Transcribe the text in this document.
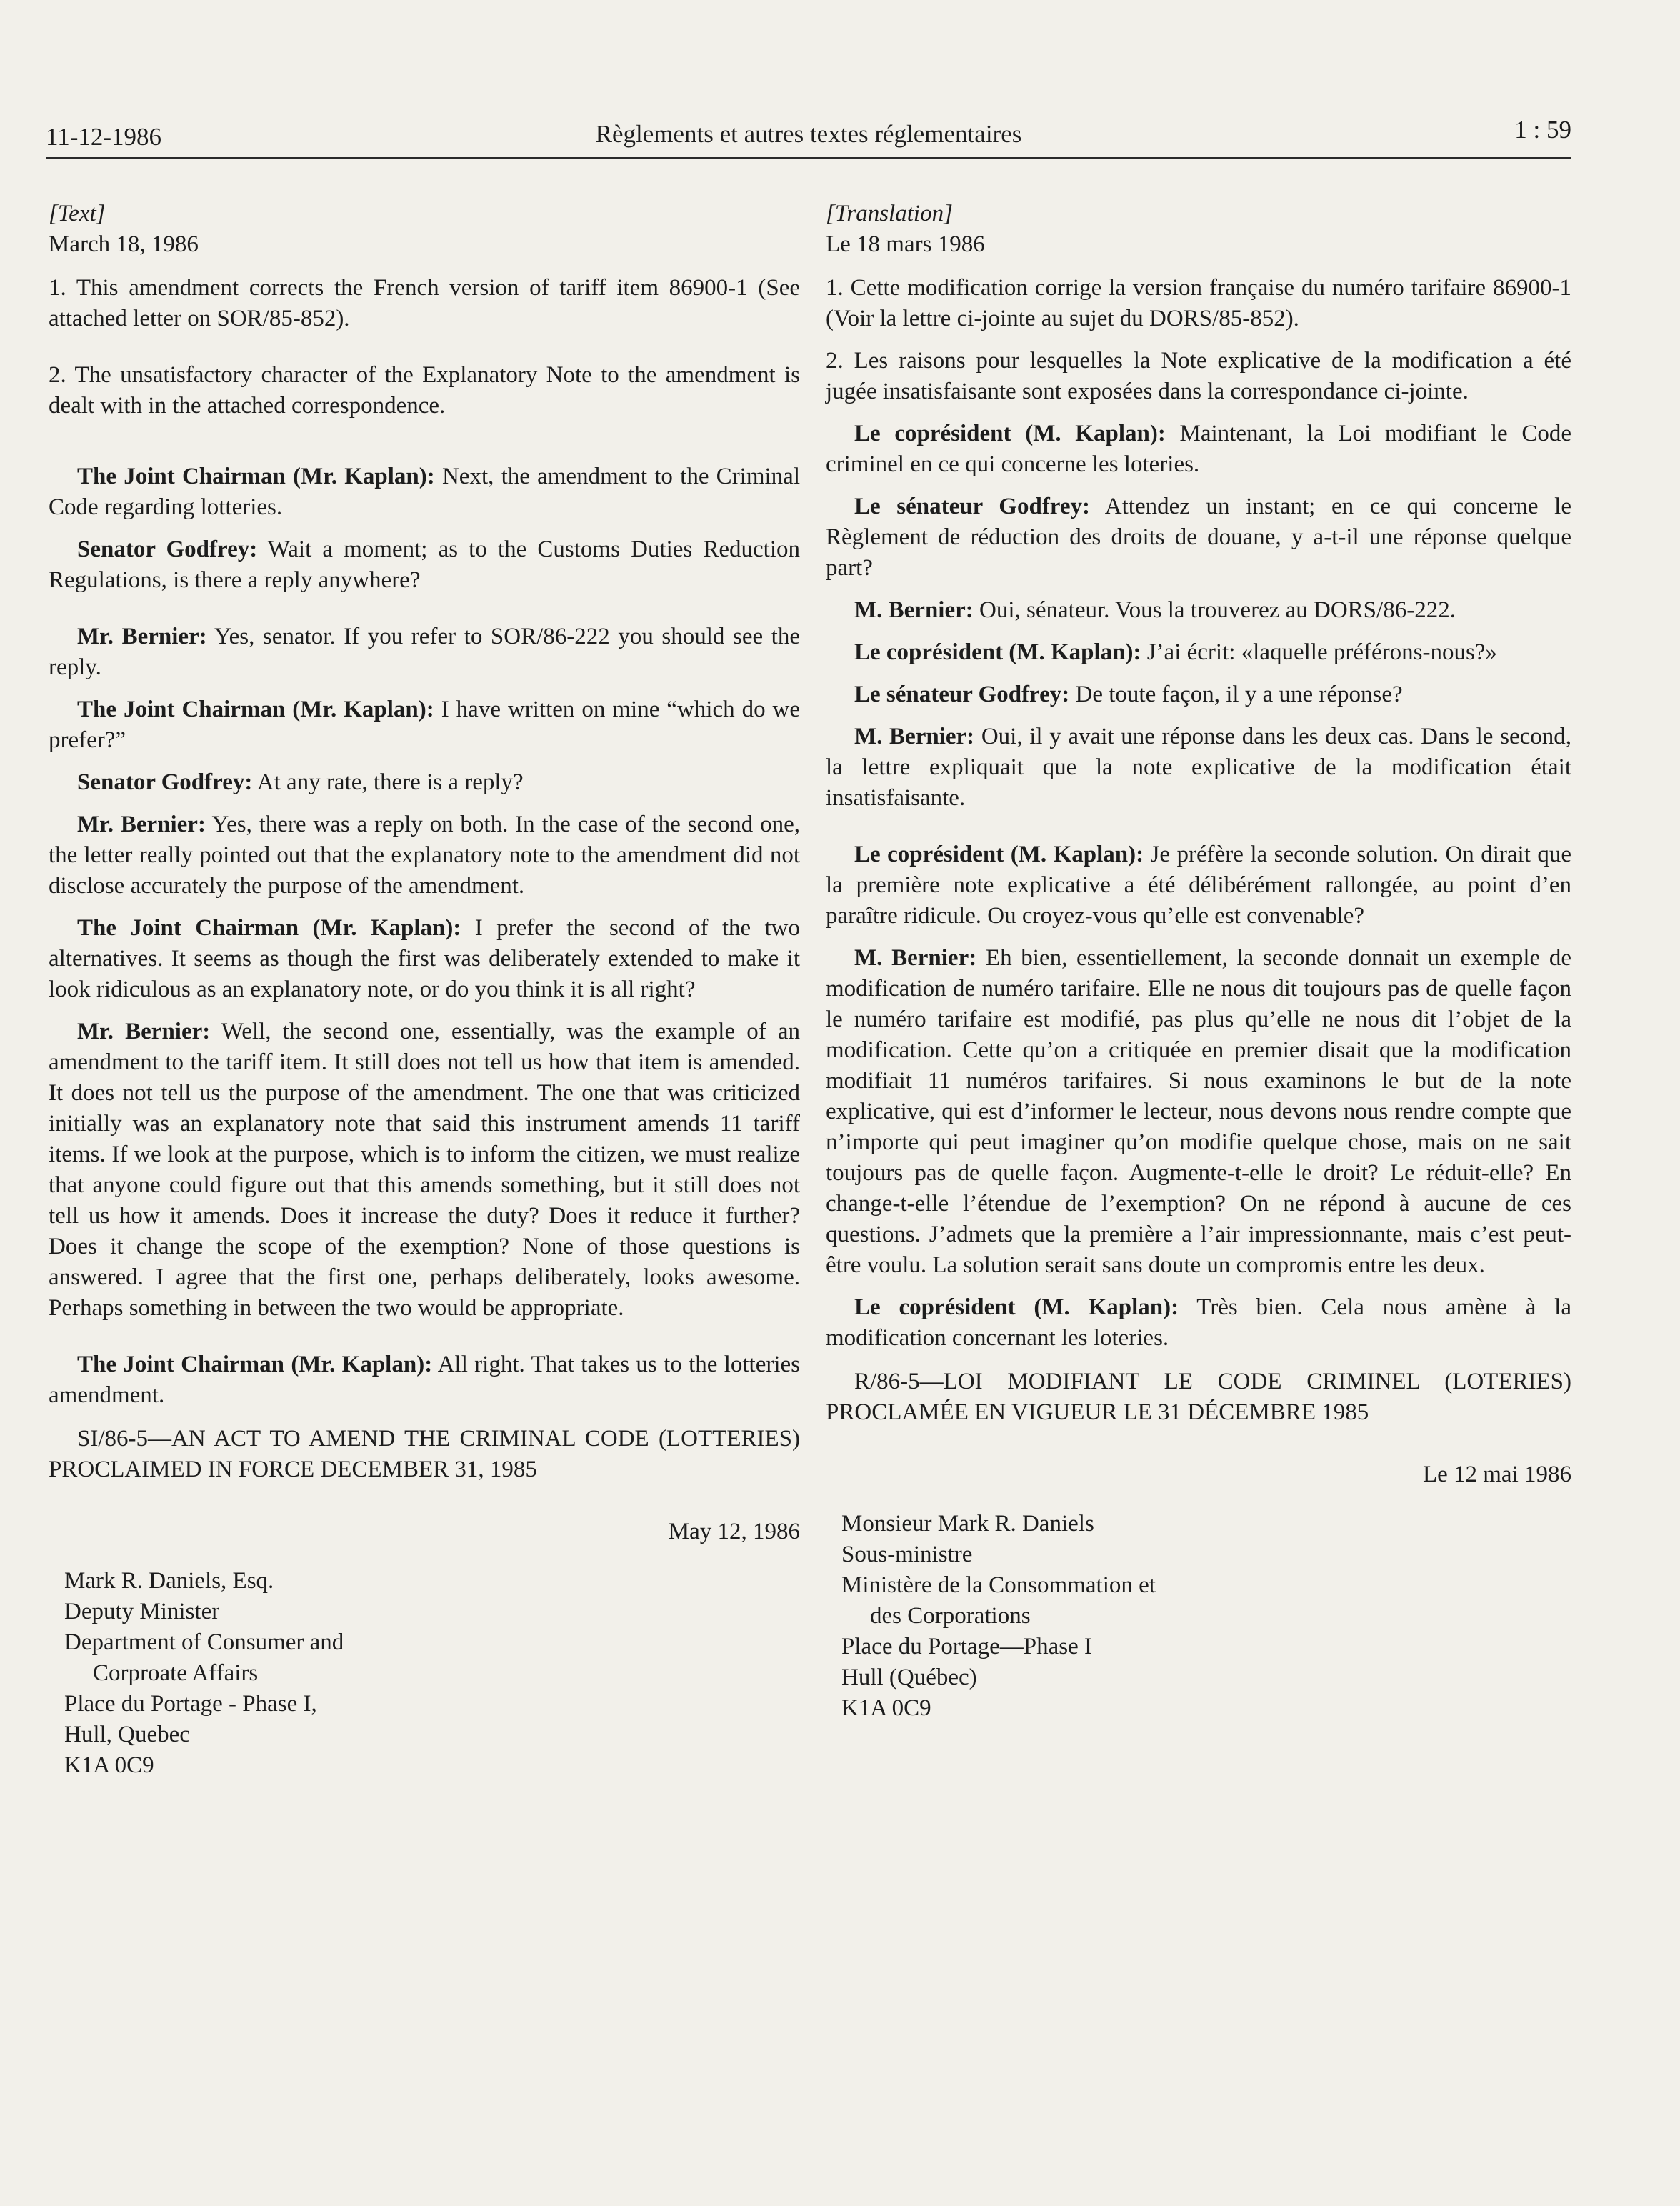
11-12-1986	Règlements et autres textes réglementaires	1 : 59

[Text]

March 18, 1986

1. This amendment corrects the French version of tariff item 86900-1 (See attached letter on SOR/85-852).

2. The unsatisfactory character of the Explanatory Note to the amendment is dealt with in the attached correspondence.

The Joint Chairman (Mr. Kaplan): Next, the amendment to the Criminal Code regarding lotteries.

Senator Godfrey: Wait a moment; as to the Customs Duties Reduction Regulations, is there a reply anywhere?

Mr. Bernier: Yes, senator. If you refer to SOR/86-222 you should see the reply.

The Joint Chairman (Mr. Kaplan): I have written on mine “which do we prefer?”

Senator Godfrey: At any rate, there is a reply?

Mr. Bernier: Yes, there was a reply on both. In the case of the second one, the letter really pointed out that the explanatory note to the amendment did not disclose accurately the purpose of the amendment.

The Joint Chairman (Mr. Kaplan): I prefer the second of the two alternatives. It seems as though the first was deliberately extended to make it look ridiculous as an explanatory note, or do you think it is all right?

Mr. Bernier: Well, the second one, essentially, was the example of an amendment to the tariff item. It still does not tell us how that item is amended. It does not tell us the purpose of the amendment. The one that was criticized initially was an explanatory note that said this instrument amends 11 tariff items. If we look at the purpose, which is to inform the citizen, we must realize that anyone could figure out that this amends something, but it still does not tell us how it amends. Does it increase the duty? Does it reduce it further? Does it change the scope of the exemption? None of those questions is answered. I agree that the first one, perhaps deliberately, looks awesome. Perhaps something in between the two would be appropriate.

The Joint Chairman (Mr. Kaplan): All right. That takes us to the lotteries amendment.

SI/86-5—AN ACT TO AMEND THE CRIMINAL CODE (LOTTERIES) PROCLAIMED IN FORCE DECEMBER 31, 1985

May 12, 1986

Mark R. Daniels, Esq.
Deputy Minister
Department of Consumer and
Corproate Affairs
Place du Portage - Phase I,
Hull, Quebec
K1A 0C9

[Translation]

Le 18 mars 1986

1. Cette modification corrige la version française du numéro tarifaire 86900-1 (Voir la lettre ci-jointe au sujet du DORS/85-852).

2. Les raisons pour lesquelles la Note explicative de la modification a été jugée insatisfaisante sont exposées dans la correspondance ci-jointe.

Le coprésident (M. Kaplan): Maintenant, la Loi modifiant le Code criminel en ce qui concerne les loteries.

Le sénateur Godfrey: Attendez un instant; en ce qui concerne le Règlement de réduction des droits de douane, y a-t-il une réponse quelque part?

M. Bernier: Oui, sénateur. Vous la trouverez au DORS/86-222.

Le coprésident (M. Kaplan): J’ai écrit: «laquelle préférons-nous?»

Le sénateur Godfrey: De toute façon, il y a une réponse?

M. Bernier: Oui, il y avait une réponse dans les deux cas. Dans le second, la lettre expliquait que la note explicative de la modification était insatisfaisante.

Le coprésident (M. Kaplan): Je préfère la seconde solution. On dirait que la première note explicative a été délibérément rallongée, au point d’en paraître ridicule. Ou croyez-vous qu’elle est convenable?

M. Bernier: Eh bien, essentiellement, la seconde donnait un exemple de modification de numéro tarifaire. Elle ne nous dit toujours pas de quelle façon le numéro tarifaire est modifié, pas plus qu’elle ne nous dit l’objet de la modification. Cette qu’on a critiquée en premier disait que la modification modifiait 11 numéros tarifaires. Si nous examinons le but de la note explicative, qui est d’informer le lecteur, nous devons nous rendre compte que n’importe qui peut imaginer qu’on modifie quelque chose, mais on ne sait toujours pas de quelle façon. Augmente-t-elle le droit? Le réduit-elle? En change-t-elle l’étendue de l’exemption? On ne répond à aucune de ces questions. J’admets que la première a l’air impressionnante, mais c’est peut-être voulu. La solution serait sans doute un compromis entre les deux.

Le coprésident (M. Kaplan): Très bien. Cela nous amène à la modification concernant les loteries.

R/86-5—LOI MODIFIANT LE CODE CRIMINEL (LOTERIES) PROCLAMÉE EN VIGUEUR LE 31 DÉCEMBRE 1985

Le 12 mai 1986

Monsieur Mark R. Daniels
Sous-ministre
Ministère de la Consommation et
des Corporations
Place du Portage—Phase I
Hull (Québec)
K1A 0C9
